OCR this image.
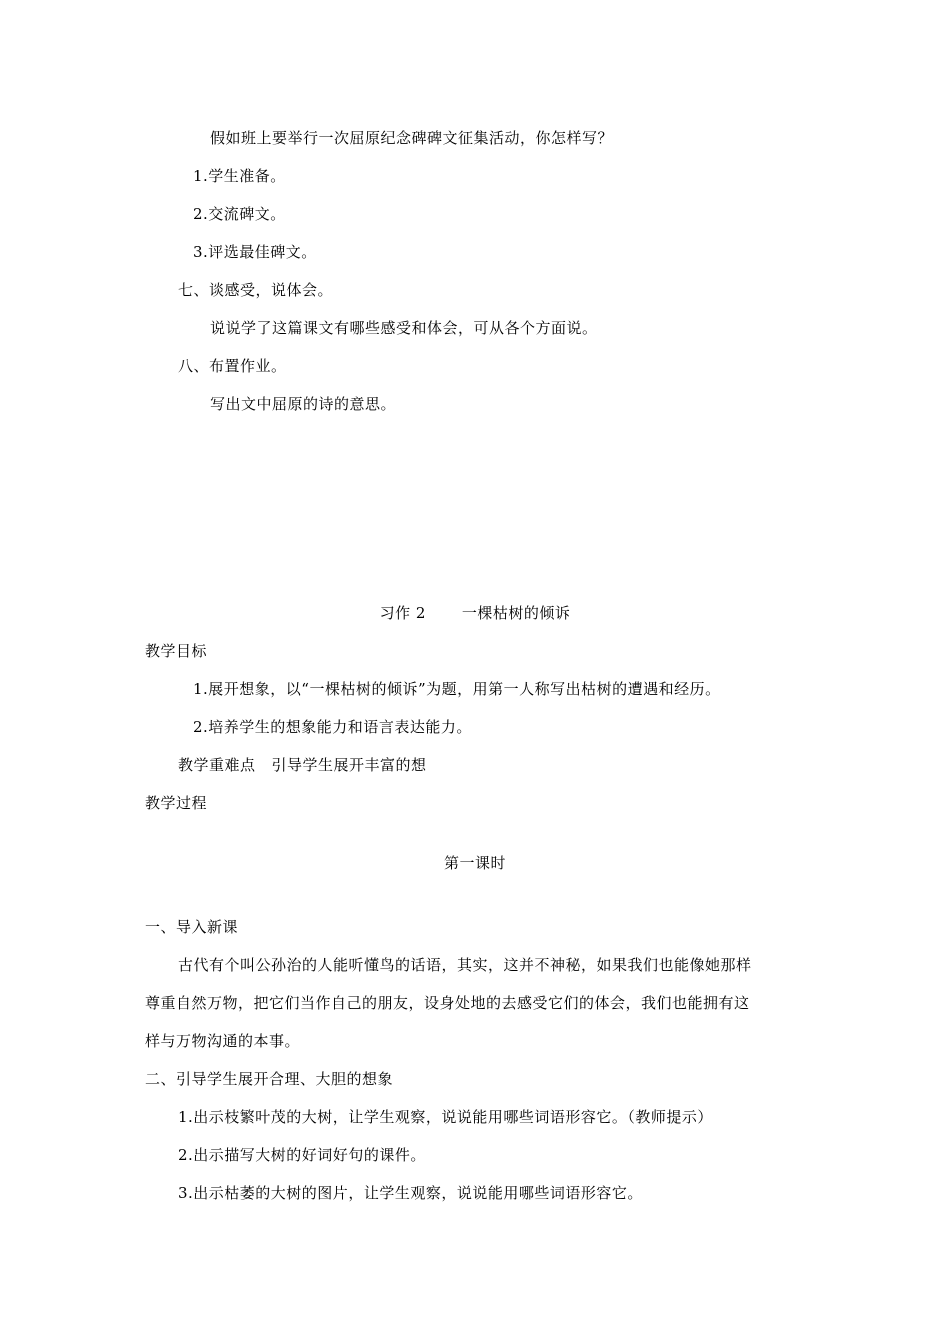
假如班上要举行一次屈原纪念碑碑文征集活动，你怎样写？
1.学生准备。
2.交流碑文。
3.评选最佳碑文。
七、谈感受，说体会。
说说学了这篇课文有哪些感受和体会，可从各个方面说。
八、布置作业。
写出文中屈原的诗的意思。
习作 2 一棵枯树的倾诉
教学目标
1.展开想象，以“一棵枯树的倾诉”为题，用第一人称写出枯树的遭遇和经历。
2.培养学生的想象能力和语言表达能力。
教学重难点 引导学生展开丰富的想
教学过程
第一课时
一、导入新课
古代有个叫公孙治的人能听懂鸟的话语，其实，这并不神秘，如果我们也能像她那样
尊重自然万物，把它们当作自己的朋友，设身处地的去感受它们的体会，我们也能拥有这
样与万物沟通的本事。
二、引导学生展开合理、大胆的想象
1.出示枝繁叶茂的大树，让学生观察，说说能用哪些词语形容它。（教师提示）
2.出示描写大树的好词好句的课件。
3.出示枯萎的大树的图片，让学生观察，说说能用哪些词语形容它。
